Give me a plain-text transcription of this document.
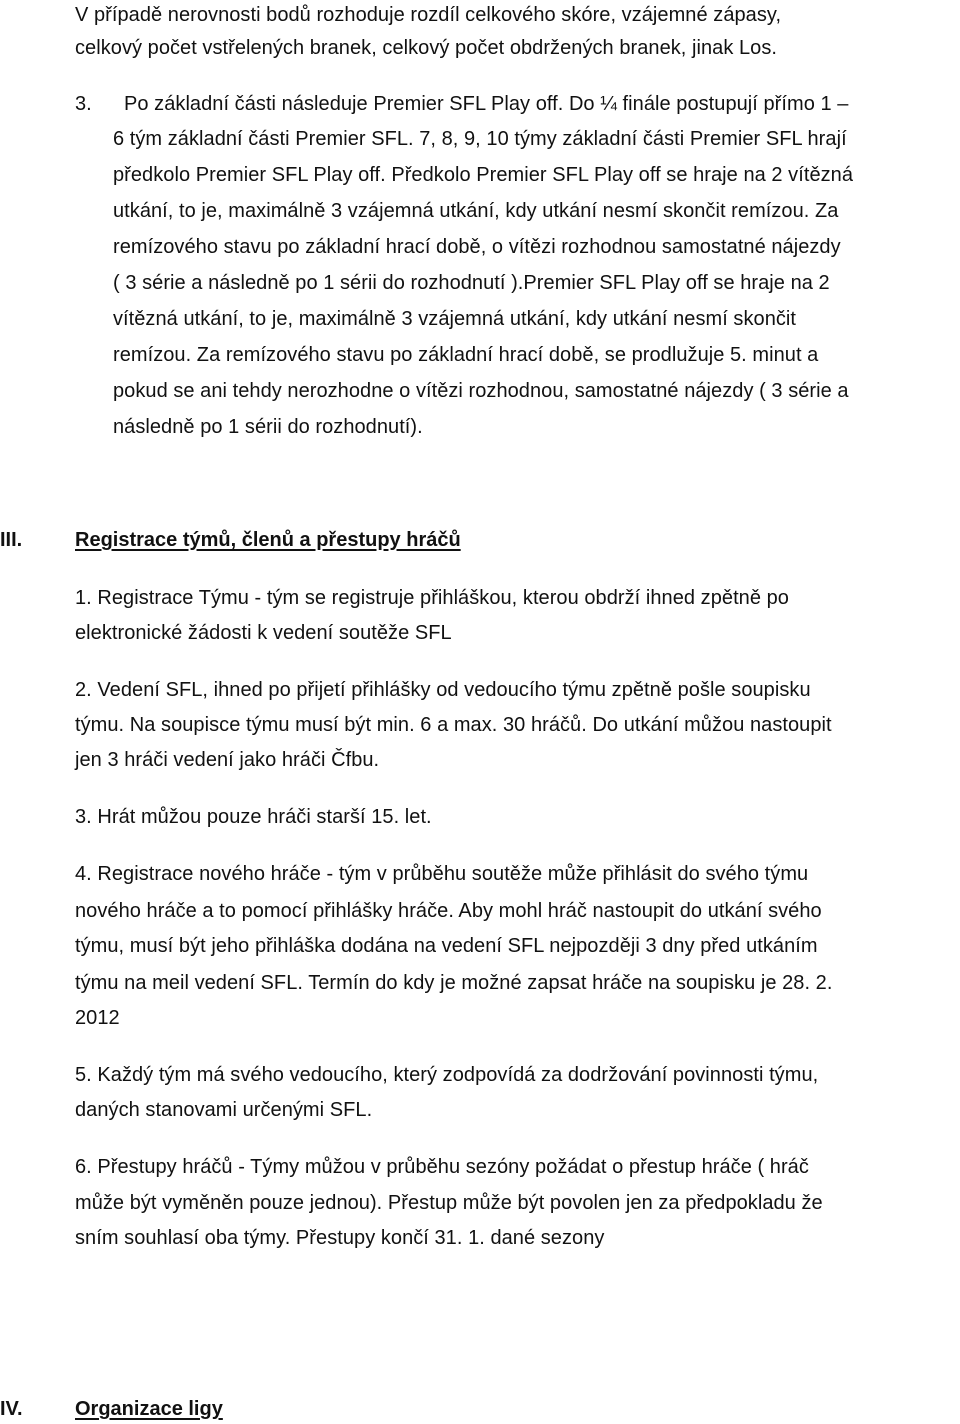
V případě nerovnosti bodů rozhoduje rozdíl celkového skóre, vzájemné zápasy,
celkový počet vstřelených branek, celkový počet obdržených branek, jinak Los.
3. Po základní části následuje Premier SFL Play off. Do ¼ finále postupují přímo 1 –
6 tým základní části Premier SFL. 7, 8, 9, 10 týmy základní části Premier SFL hrají
předkolo Premier SFL Play off. Předkolo Premier SFL Play off se hraje na 2 vítězná
utkání, to je, maximálně 3 vzájemná utkání, kdy utkání nesmí skončit remízou. Za
remízového stavu po základní hrací době, o vítězi rozhodnou samostatné nájezdy
( 3 série a následně po 1 sérii do rozhodnutí ).Premier SFL Play off se hraje na 2
vítězná utkání, to je, maximálně 3 vzájemná utkání, kdy utkání nesmí skončit
remízou. Za remízového stavu po základní hrací době, se prodlužuje 5. minut a
pokud se ani tehdy nerozhodne o vítězi rozhodnou, samostatné nájezdy ( 3 série a
následně po 1 sérii do rozhodnutí).
III.	Registrace týmů, členů a přestupy hráčů
1. Registrace Týmu - tým se registruje přihláškou, kterou obdrží ihned zpětně po
elektronické žádosti k vedení soutěže SFL
2. Vedení SFL, ihned po přijetí přihlášky od vedoucího týmu zpětně pošle soupisku
týmu. Na soupisce týmu musí být min. 6 a max. 30 hráčů. Do utkání můžou nastoupit
jen 3 hráči vedení jako hráči Čfbu.
3. Hrát můžou pouze hráči starší 15. let.
4. Registrace nového hráče - tým v průběhu soutěže může přihlásit do svého týmu
nového hráče a to pomocí přihlášky hráče. Aby mohl hráč nastoupit do utkání svého
týmu, musí být jeho přihláška dodána na vedení SFL nejpozději 3 dny před utkáním
týmu na meil vedení SFL. Termín do kdy je možné zapsat hráče na soupisku je 28. 2.
2012
5. Každý tým má svého vedoucího, který zodpovídá za dodržování povinnosti týmu,
daných stanovami určenými SFL.
6. Přestupy hráčů - Týmy můžou v průběhu sezóny požádat o přestup hráče ( hráč
může být vyměněn pouze jednou). Přestup může být povolen jen za předpokladu že
sním souhlasí oba týmy. Přestupy končí 31. 1. dané sezony
IV.	Organizace ligy
